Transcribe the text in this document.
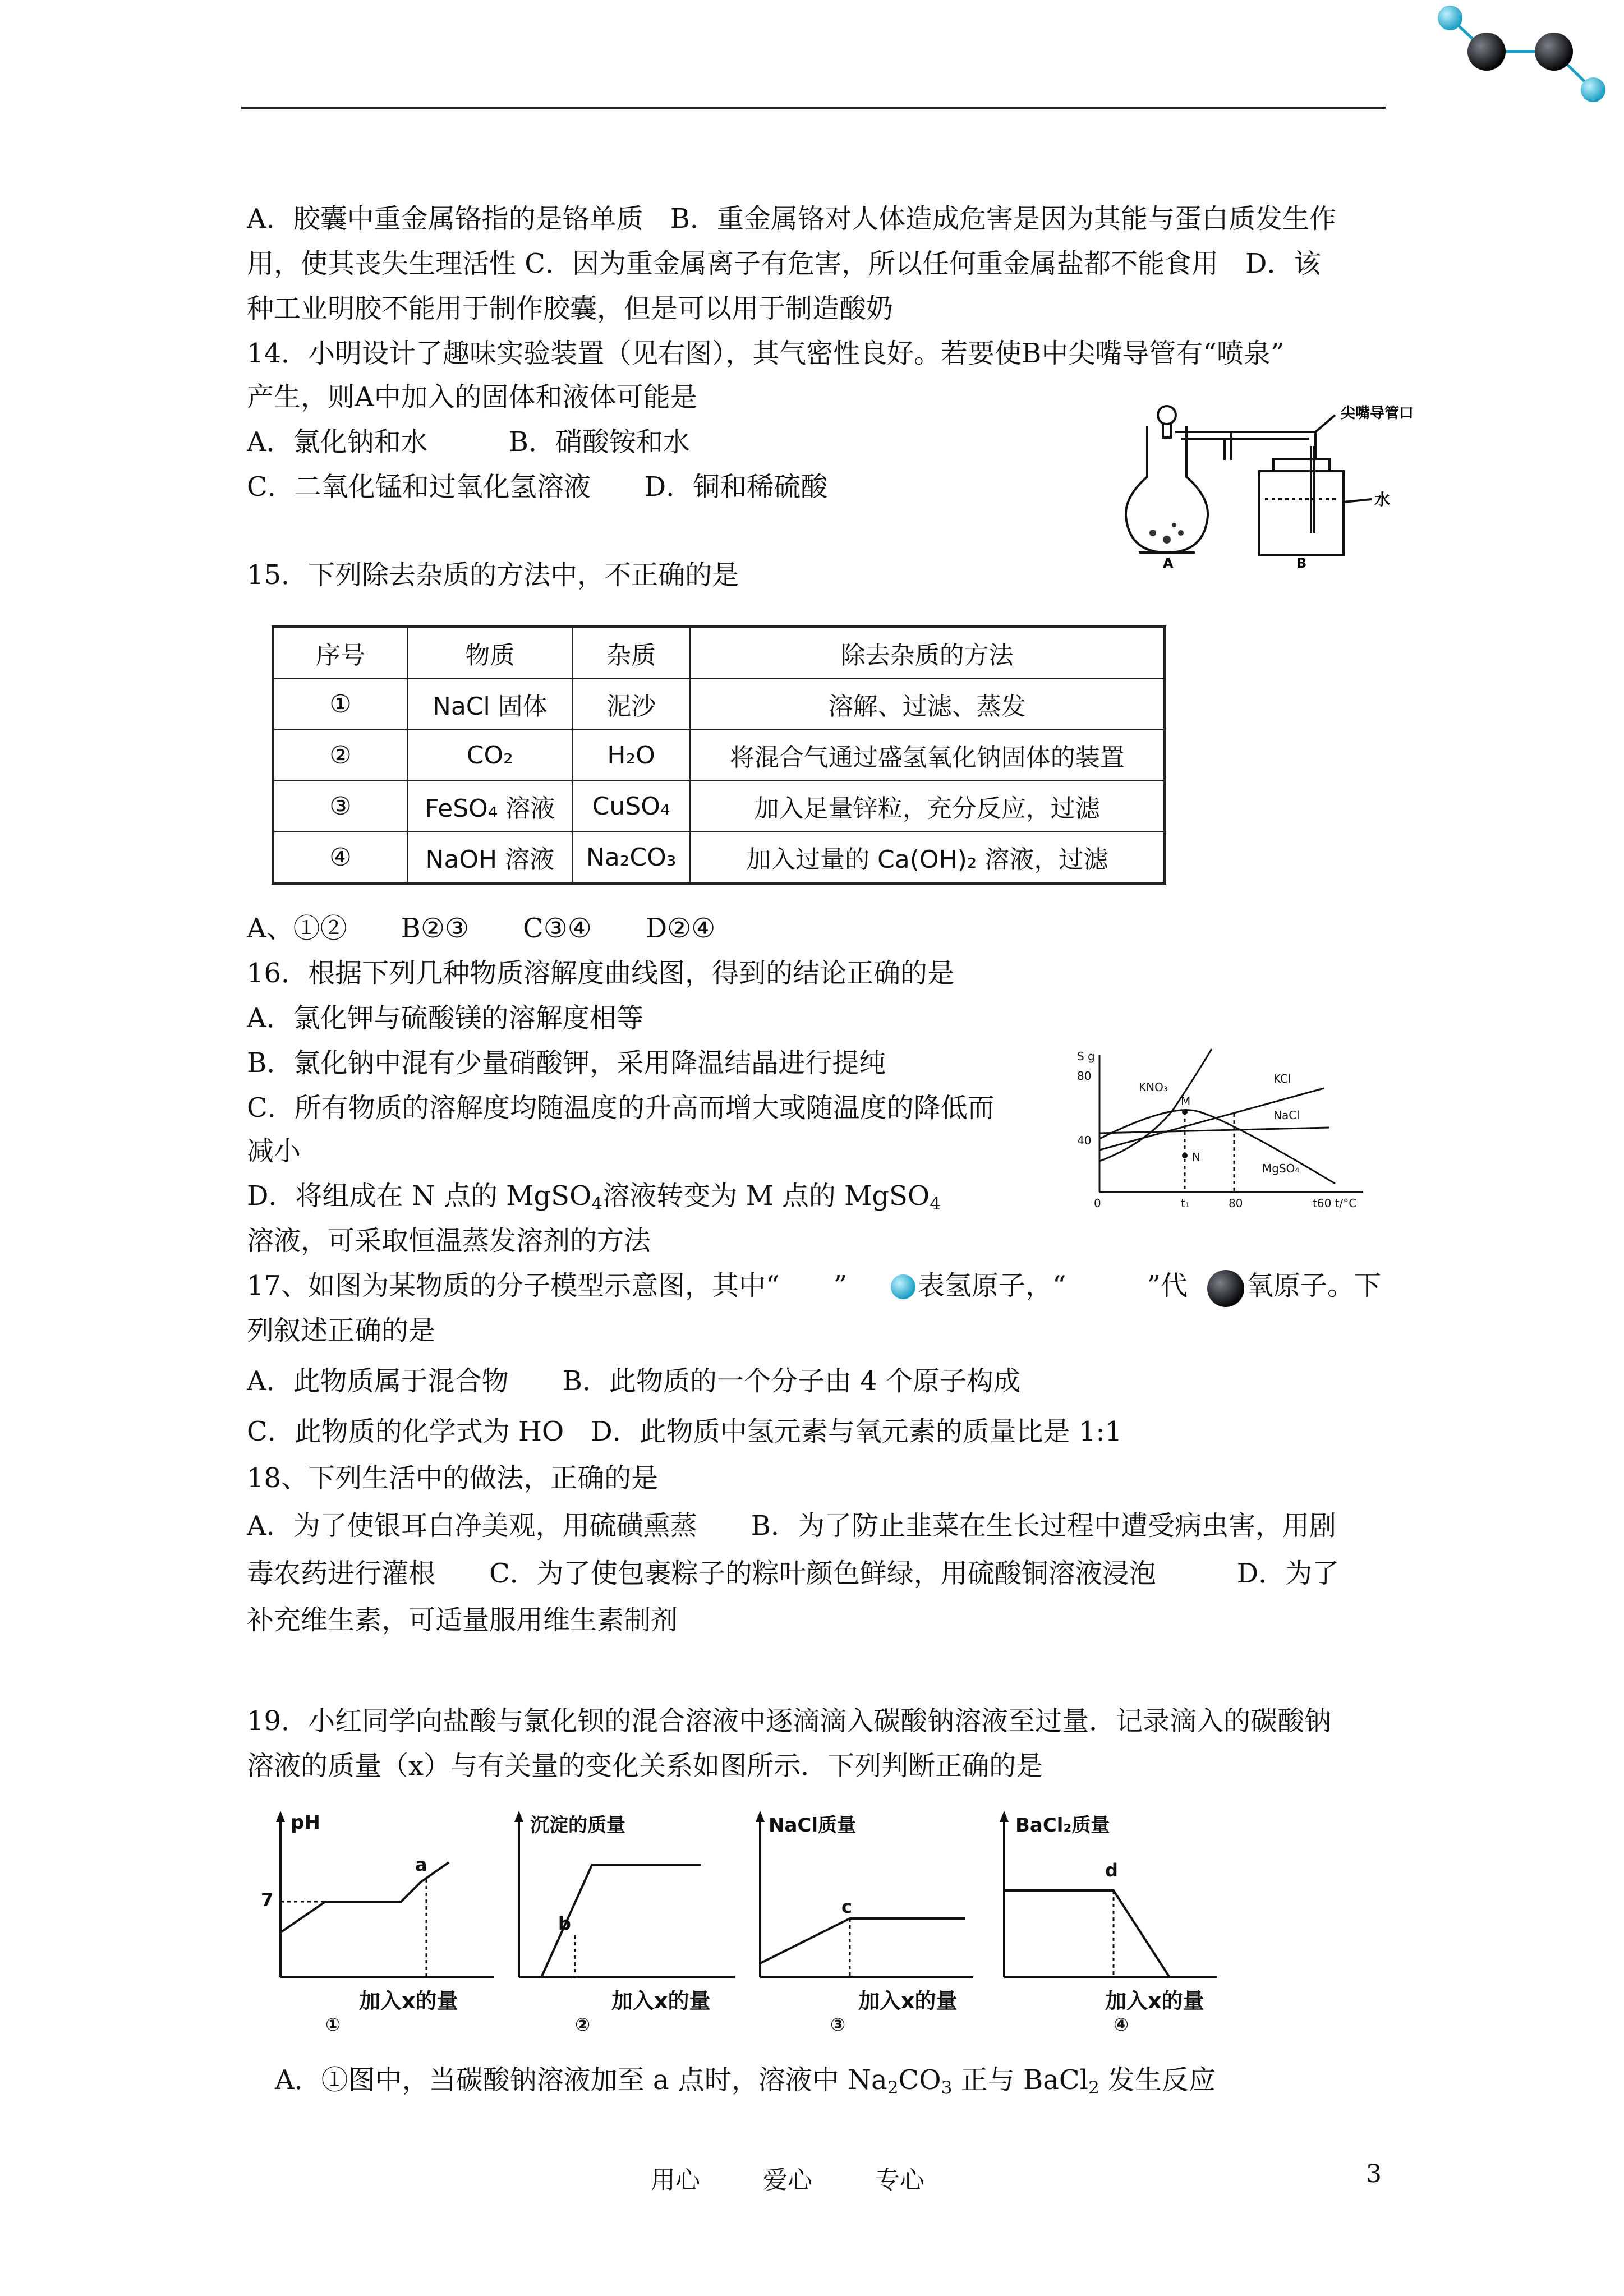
A．胶囊中重金属铬指的是铬单质　B．重金属铬对人体造成危害是因为其能与蛋白质发生作
用，使其丧失生理活性 C．因为重金属离子有危害，所以任何重金属盐都不能食用　D．该
种工业明胶不能用于制作胶囊，但是可以用于制造酸奶
14．小明设计了趣味实验装置（见右图），其气密性良好。若要使B中尖嘴导管有“喷泉”
产生，则A中加入的固体和液体可能是
A．氯化钠和水　　　B．硝酸铵和水
C．二氧化锰和过氧化氢溶液　　D．铜和稀硫酸
尖嘴导管口
水
A	B
15．下列除去杂质的方法中，不正确的是
序号	物质	杂质	除去杂质的方法
①	NaCl 固体	泥沙	溶解、过滤、蒸发
②	CO₂	H₂O	将混合气通过盛氢氧化钠固体的装置
③	FeSO₄ 溶液	CuSO₄	加入足量锌粒，充分反应，过滤
④	NaOH 溶液	Na₂CO₃	加入过量的 Ca(OH)₂ 溶液，过滤
A、①②　　B②③　　C③④　　D②④
16．根据下列几种物质溶解度曲线图，得到的结论正确的是
A．氯化钾与硫酸镁的溶解度相等
B．氯化钠中混有少量硝酸钾，采用降温结晶进行提纯
C．所有物质的溶解度均随温度的升高而增大或随温度的降低而
减小
D．将组成在 N 点的 MgSO$_4$溶液转变为 M 点的 MgSO$_4$
溶液，可采取恒温蒸发溶剂的方法
S g
80
40
0	t₁	80	t60 t/°C
KNO₃
KCl
NaCl
MgSO₄
M
N
17、如图为某物质的分子模型示意图，其中“　　”	表氢原子，“　　　”代 氧原子。下
列叙述正确的是
A．此物质属于混合物　　B．此物质的一个分子由 4 个原子构成
C．此物质的化学式为 HO　D．此物质中氢元素与氧元素的质量比是 1:1
18、下列生活中的做法，正确的是
A．为了使银耳白净美观，用硫磺熏蒸　　B．为了防止韭菜在生长过程中遭受病虫害，用剧
毒农药进行灌根　　C．为了使包裹粽子的粽叶颜色鲜绿，用硫酸铜溶液浸泡　　　D．为了
补充维生素，可适量服用维生素制剂
19．小红同学向盐酸与氯化钡的混合溶液中逐滴滴入碳酸钠溶液至过量．记录滴入的碳酸钠
溶液的质量（x）与有关量的变化关系如图所示．下列判断正确的是
pH
7
a
加入x的量
①
沉淀的质量
b
加入x的量
②
NaCl质量
c
加入x的量
③
BaCl₂质量
d
加入x的量
④
A．①图中，当碳酸钠溶液加至 a 点时，溶液中 $Na_2CO_3$ 正与 BaCl$_2$ 发生反应
用心	爱心	专心	3
